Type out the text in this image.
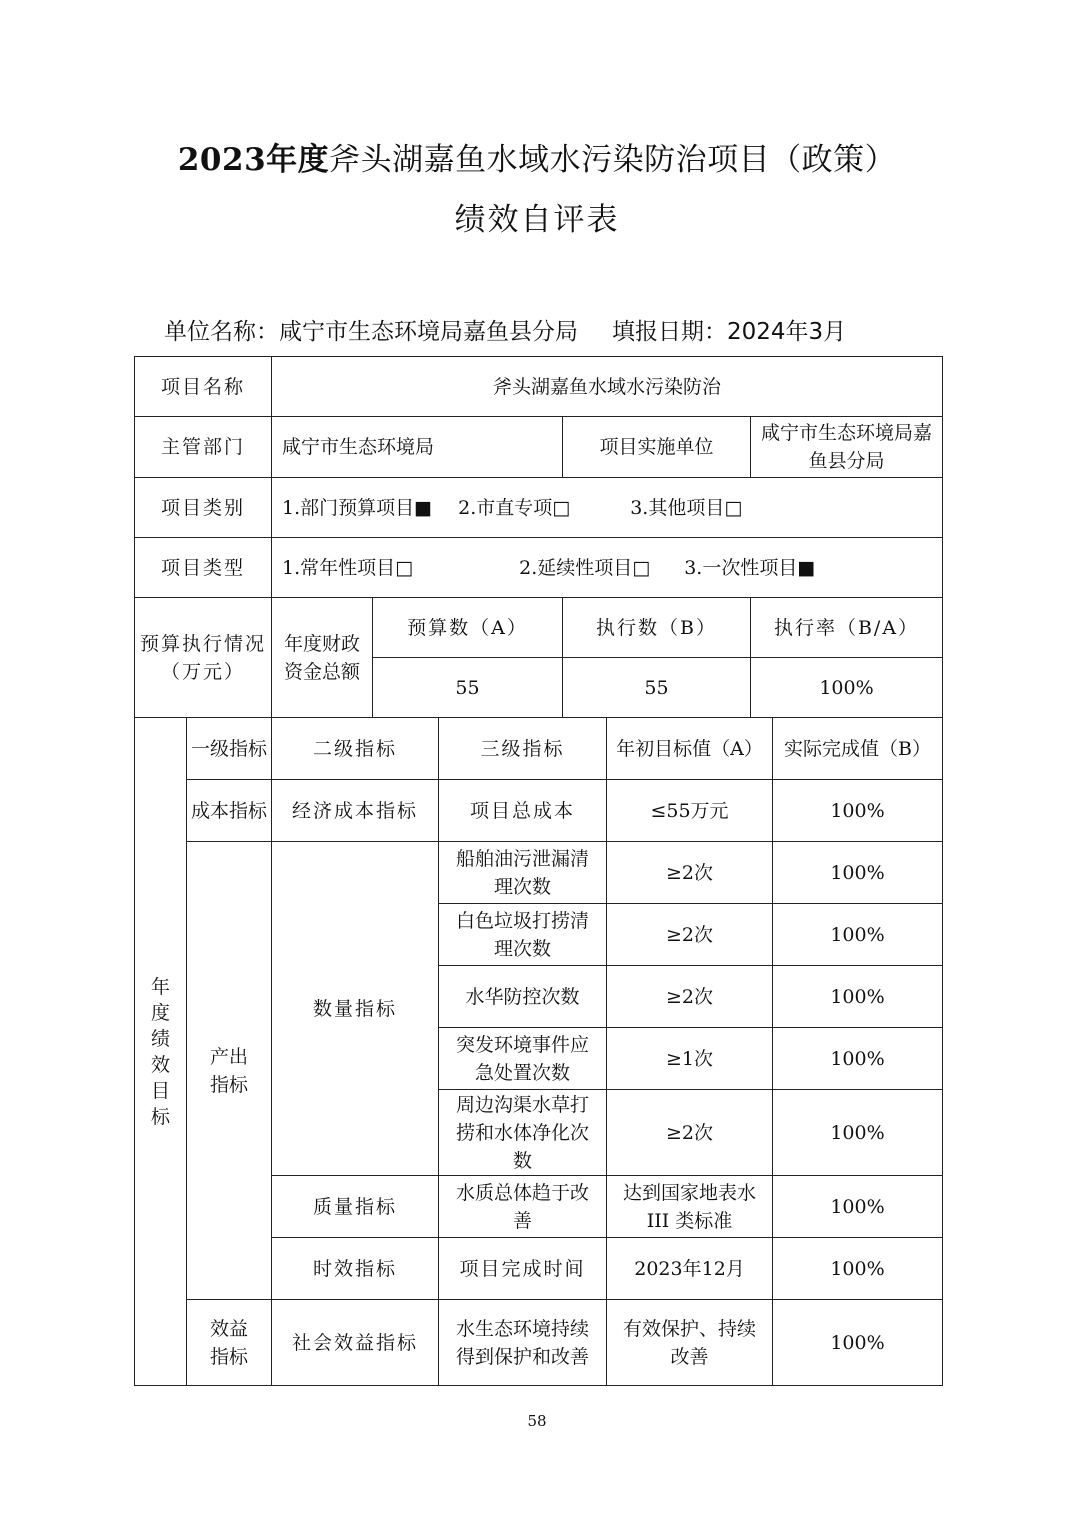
2023年度斧头湖嘉鱼水域水污染防治项目（政策）
绩效自评表
单位名称：咸宁市生态环境局嘉鱼县分局 填报日期：2024年3月
项目名称		斧头湖嘉鱼水域水污染防治						
主管部门		咸宁市生态环境局			项目实施单位		咸宁市生态环境局嘉鱼县分局	
项目类别		1.部门预算项目■ 2.市直专项□ 3.其他项目□						
项目类型		1.常年性项目□ 2.延续性项目□ 3.一次性项目■						
预算执行情况（万元）		年度财政资金总额	预算数（A）		执行数（B）		执行率（B/A）	
			55		55		100%	
年度绩效目标	一级指标	二级指标		三级指标		年初目标值（A）		实际完成值（B）
	成本指标	经济成本指标		项目总成本		≤55万元		100%
	产出指标	数量指标		船舶油污泄漏清理次数		≥2次		100%
				白色垃圾打捞清理次数		≥2次		100%
				水华防控次数		≥2次		100%
				突发环境事件应急处置次数		≥1次		100%
				周边沟渠水草打捞和水体净化次数		≥2次		100%
		质量指标		水质总体趋于改善		达到国家地表水III 类标准		100%
		时效指标		项目完成时间		2023年12月		100%
	效益指标	社会效益指标		水生态环境持续得到保护和改善		有效保护、持续改善		100%
58
